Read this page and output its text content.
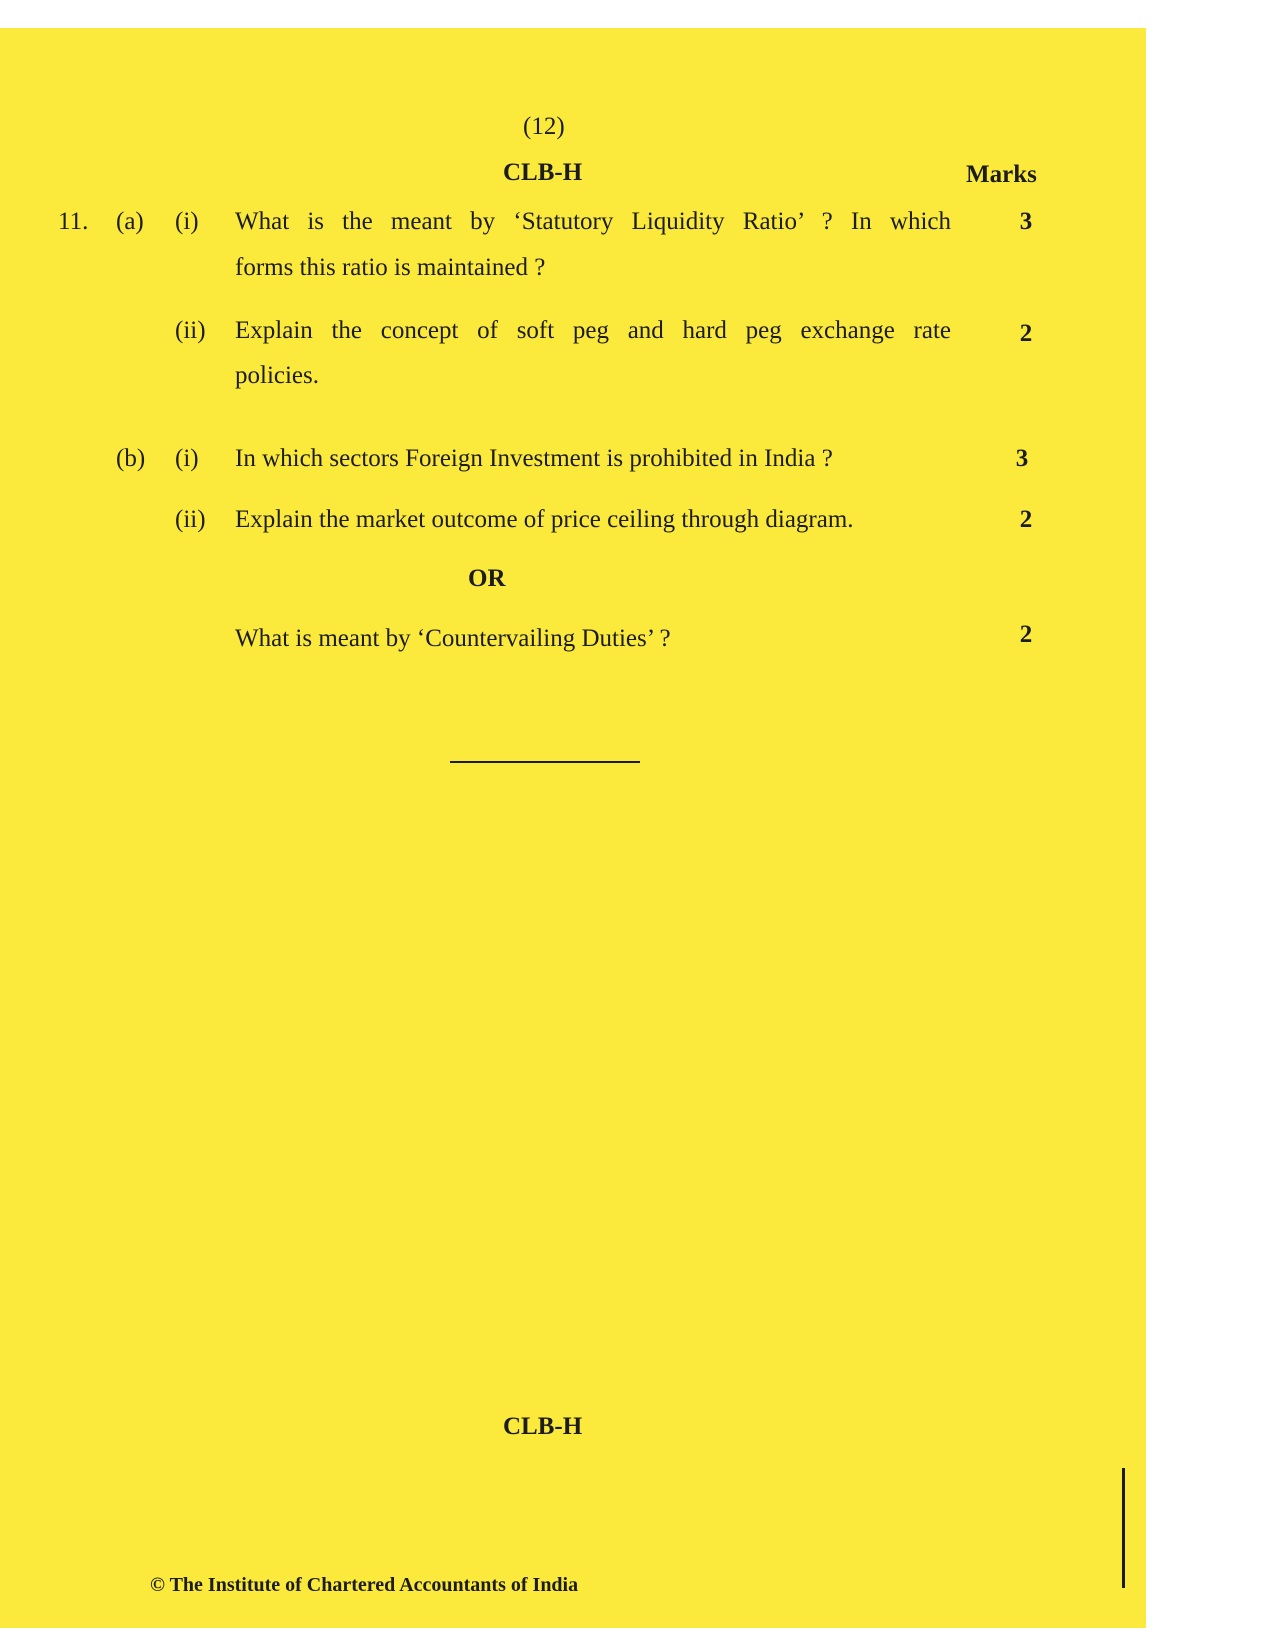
(12)
CLB-H	Marks
11. (a) (i) What is the meant by ‘Statutory Liquidity Ratio’ ? In which
forms this ratio is maintained ?
3
(ii) Explain the concept of soft peg and hard peg exchange rate
policies.
2
(b) (i) In which sectors Foreign Investment is prohibited in India ?	3
(ii) Explain the market outcome of price ceiling through diagram.	2
OR
What is meant by ‘Countervailing Duties’ ?	2
CLB-H
© The Institute of Chartered Accountants of India
